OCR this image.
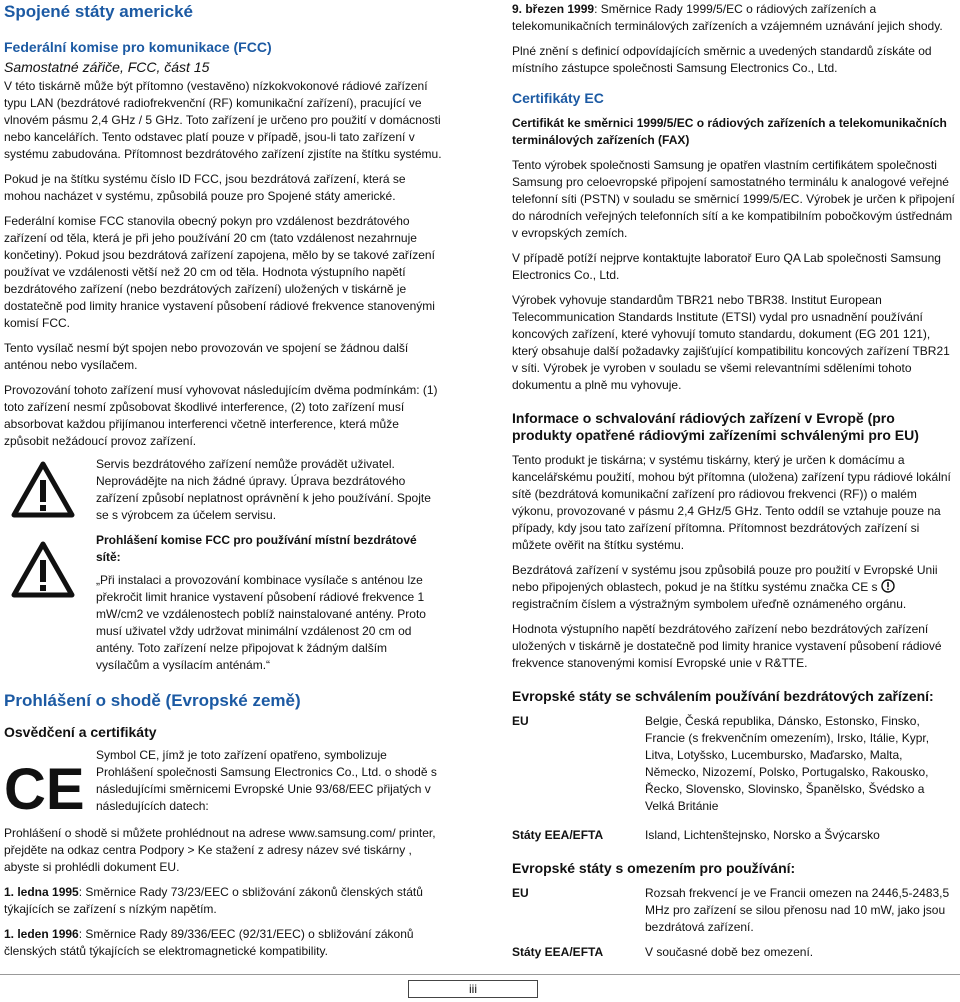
Spojené státy americké
Federální komise pro komunikace (FCC)

Samostatné zářiče, FCC, část 15

V této tiskárně může být přítomno (vestavěno) nízkokvokonové rádiové zařízení typu LAN (bezdrátové radiofrekvenční (RF) komunikační zařízení), pracující ve vlnovém pásmu 2,4 GHz / 5 GHz. Toto zařízení je určeno pro použití v domácnosti nebo kancelářích. Tento odstavec platí pouze v případě, jsou-li tato zařízení v systému zabudována. Přítomnost bezdrátového zařízení zjistíte na štítku systému.

Pokud je na štítku systému číslo ID FCC, jsou bezdrátová zařízení, která se mohou nacházet v systému, způsobilá pouze pro Spojené státy americké.

Federální komise FCC stanovila obecný pokyn pro vzdálenost bezdrátového zařízení od těla, která je při jeho používání 20 cm (tato vzdálenost nezahrnuje končetiny). Pokud jsou bezdrátová zařízení zapojena, mělo by se takové zařízení používat ve vzdálenosti větší než 20 cm od těla. Hodnota výstupního napětí bezdrátového zařízení (nebo bezdrátových zařízení) uložených v tiskárně je dostatečně pod limity hranice vystavení působení rádiové frekvence stanovenými komisí FCC.

Tento vysílač nesmí být spojen nebo provozován ve spojení se žádnou další anténou nebo vysílačem.

Provozování tohoto zařízení musí vyhovovat následujícím dvěma podmínkám: (1) toto zařízení nesmí způsobovat škodlivé interference, (2) toto zařízení musí absorbovat každou přijímanou interferenci včetně interference, která může způsobit nežádoucí provoz zařízení.

Servis bezdrátového zařízení nemůže provádět uživatel. Neprovádějte na nich žádné úpravy. Úprava bezdrátového zařízení způsobí neplatnost oprávnění k jeho používání. Spojte se s výrobcem za účelem servisu.

Prohlášení komise FCC pro používání místní bezdrátové sítě:

„Při instalaci a provozování kombinace vysílače s anténou lze překročit limit hranice vystavení působení rádiové frekvence 1 mW/cm2 ve vzdálenostech poblíž nainstalované antény. Proto musí uživatel vždy udržovat minimální vzdálenost 20 cm od antény. Toto zařízení nelze připojovat k žádným dalším vysílačům a vysílacím anténám.“

Prohlášení o shodě (Evropské země)
Osvědčení a certifikáty
CE

Symbol CE, jímž je toto zařízení opatřeno, symbolizuje Prohlášení společnosti Samsung Electronics Co., Ltd. o shodě s následujícími směrnicemi Evropské Unie 93/68/EEC přijatých v následujících datech:

Prohlášení o shodě si můžete prohlédnout na adrese www.samsung.com/ printer, přejděte na odkaz centra Podpory > Ke stažení z adresy název své tiskárny , abyste si prohlédli dokument EU.

1. ledna 1995: Směrnice Rady 73/23/EEC o sbližování zákonů členských států týkajících se zařízení s nízkým napětím.

1. leden 1996: Směrnice Rady 89/336/EEC (92/31/EEC) o sbližování zákonů členských států týkajících se elektromagnetické kompatibility.

9. březen 1999: Směrnice Rady 1999/5/EC o rádiových zařízeních a telekomunikačních terminálových zařízeních a vzájemném uznávání jejich shody.

Plné znění s definicí odpovídajících směrnic a uvedených standardů získáte od místního zástupce společnosti Samsung Electronics Co., Ltd.

Certifikáty EC
Certifikát ke směrnici 1999/5/EC o rádiových zařízeních a telekomunikačních terminálových zařízeních (FAX)

Tento výrobek společnosti Samsung je opatřen vlastním certifikátem společnosti Samsung pro celoevropské připojení samostatného terminálu k analogové veřejné telefonní síti (PSTN) v souladu se směrnicí 1999/5/EC. Výrobek je určen k připojení do národních veřejných telefonních sítí a ke kompatibilním pobočkovým ústřednám v evropských zemích.

V případě potíží nejprve kontaktujte laboratoř Euro QA Lab společnosti Samsung Electronics Co., Ltd.

Výrobek vyhovuje standardům TBR21 nebo TBR38. Institut European Telecommunication Standards Institute (ETSI) vydal pro usnadnění používání koncových zařízení, které vyhovují tomuto standardu, dokument (EG 201 121), který obsahuje další požadavky zajišťující kompatibilitu koncových zařízení TBR21 v síti. Výrobek je vyroben v souladu se všemi relevantními sděleními tohoto dokumentu a plně mu vyhovuje.

Informace o schvalování rádiových zařízení v Evropě (pro produkty opatřené rádiovými zařízeními schválenými pro EU)

Tento produkt je tiskárna; v systému tiskárny, který je určen k domácímu a kancelářskému použití, mohou být přítomna (uložena) zařízení typu rádiové lokální sítě (bezdrátová komunikační zařízení pro rádiovou frekvenci (RF)) o malém výkonu, provozované v pásmu 2,4 GHz/5 GHz. Tento oddíl se vztahuje pouze na případy, kdy jsou tato zařízení přítomna. Přítomnost bezdrátových zařízení si můžete ověřit na štítku systému.

Bezdrátová zařízení v systému jsou způsobilá pouze pro použití v Evropské Unii nebo připojených oblastech, pokud je na štítku systému značka CE s  registračním číslem a výstražným symbolem uřeďně oznámeného orgánu.

Hodnota výstupního napětí bezdrátového zařízení nebo bezdrátových zařízení uložených v tiskárně je dostatečně pod limity hranice vystavení působení rádiové frekvence stanovenými komisí Evropské unie v R&TTE.

Evropské státy se schválením používání bezdrátových zařízení:
EU	Belgie, Česká republika, Dánsko, Estonsko, Finsko, Francie (s frekvenčním omezením), Irsko, Itálie, Kypr, Litva, Lotyšsko, Lucembursko, Maďarsko, Malta, Německo, Nizozemí, Polsko, Portugalsko, Rakousko, Řecko, Slovensko, Slovinsko, Španělsko, Švédsko a Velká Británie
Státy EEA/EFTA	Island, Lichtenštejnsko, Norsko a Švýcarsko
Evropské státy s omezením pro používání:
EU	Rozsah frekvencí je ve Francii omezen na 2446,5-2483,5 MHz pro zařízení se silou přenosu nad 10 mW, jako jsou bezdrátová zařízení.
Státy EEA/EFTA	V současné době bez omezení.
iii
